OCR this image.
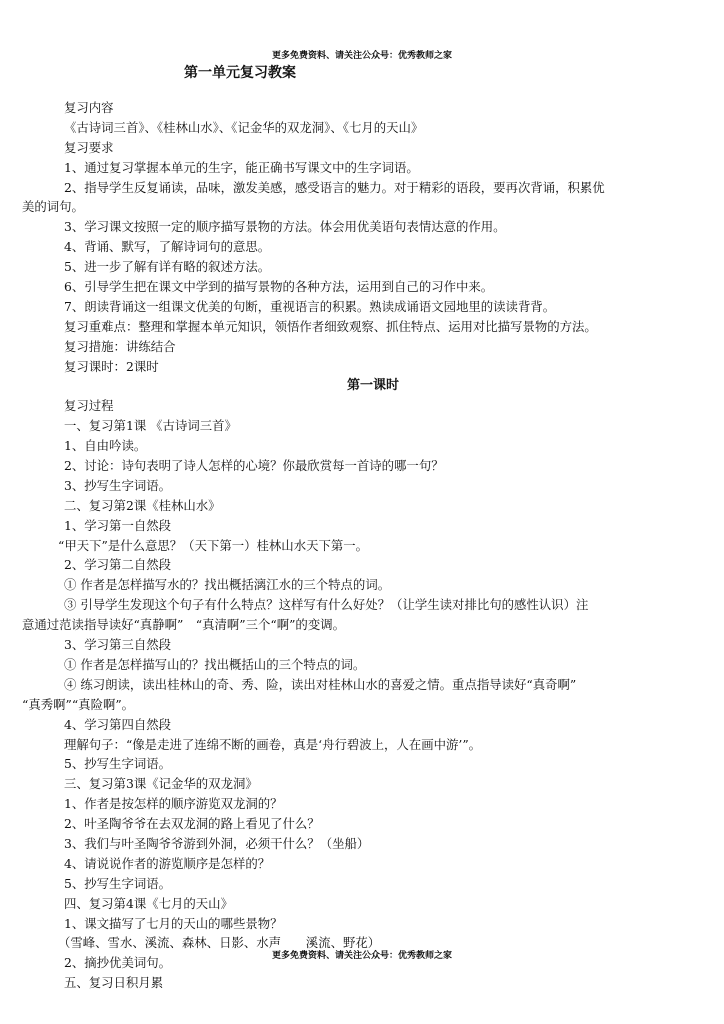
更多免费资料、请关注公众号：优秀教师之家
第一单元复习教案
复习内容
《古诗词三首》、《桂林山水》、《记金华的双龙洞》、《七月的天山》
复习要求
1、通过复习掌握本单元的生字，能正确书写课文中的生字词语。
2、指导学生反复诵读，品味，激发美感，感受语言的魅力。对于精彩的语段，要再次背诵，积累优
美的词句。
3、学习课文按照一定的顺序描写景物的方法。体会用优美语句表情达意的作用。
4、背诵、默写，了解诗词句的意思。
5、进一步了解有详有略的叙述方法。
6、引导学生把在课文中学到的描写景物的各种方法，运用到自己的习作中来。
7、朗读背诵这一组课文优美的句断，重视语言的积累。熟读成诵语文园地里的读读背背。
复习重难点：整理和掌握本单元知识，领悟作者细致观察、抓住特点、运用对比描写景物的方法。
复习措施：讲练结合
复习课时：2课时
第一课时
复习过程
一、复习第1课 《古诗词三首》
1、自由吟读。
2、讨论：诗句表明了诗人怎样的心境？你最欣赏每一首诗的哪一句？
3、抄写生字词语。
二、复习第2课《桂林山水》
1、学习第一自然段
“甲天下”是什么意思？（天下第一）桂林山水天下第一。
2、学习第二自然段
① 作者是怎样描写水的？找出概括漓江水的三个特点的词。
③ 引导学生发现这个句子有什么特点？这样写有什么好处？（让学生读对排比句的感性认识）注
意通过范读指导读好“真静啊”　“真清啊”三个“啊”的变调。
3、学习第三自然段
① 作者是怎样描写山的？找出概括山的三个特点的词。
④ 练习朗读，读出桂林山的奇、秀、险，读出对桂林山水的喜爱之情。重点指导读好“真奇啊”
“真秀啊”“真险啊”。
4、学习第四自然段
理解句子：“像是走进了连绵不断的画卷，真是‘舟行碧波上，人在画中游’”。
5、抄写生字词语。
三、复习第3课《记金华的双龙洞》
1、作者是按怎样的顺序游览双龙洞的？
2、叶圣陶爷爷在去双龙洞的路上看见了什么？
3、我们与叶圣陶爷爷游到外洞，必须干什么？（坐船）
4、请说说作者的游览顺序是怎样的？
5、抄写生字词语。
四、复习第4课《七月的天山》
1、课文描写了七月的天山的哪些景物？
（雪峰、雪水、溪流、森林、日影、水声　　溪流、野花）
2、摘抄优美词句。
五、复习日积月累
更多免费资料、请关注公众号：优秀教师之家
